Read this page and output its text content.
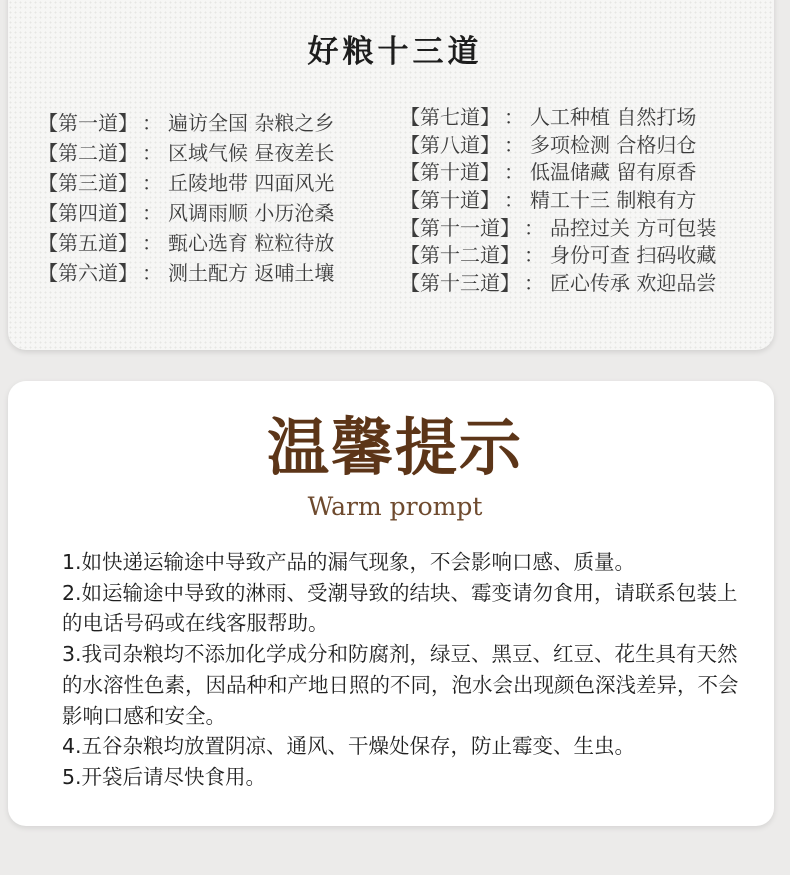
好粮十三道
【第一道】 ： 遍访全国 杂粮之乡
【第二道】 ： 区域气候 昼夜差长
【第三道】 ： 丘陵地带 四面风光
【第四道】 ： 风调雨顺 小历沧桑
【第五道】 ： 甄心选育 粒粒待放
【第六道】 ： 测土配方 返哺土壤
【第七道】 ： 人工种植 自然打场
【第八道】 ： 多项检测 合格归仓
【第十道】 ： 低温储藏 留有原香
【第十道】 ： 精工十三 制粮有方
【第十一道】 ： 品控过关 方可包装
【第十二道】 ： 身份可查 扫码收藏
【第十三道】 ： 匠心传承 欢迎品尝
温馨提示
Warm prompt

1.如快递运输途中导致产品的漏气现象，不会影响口感、质量。

2.如运输途中导致的淋雨、受潮导致的结块、霉变请勿食用，请联系包装上的电话号码或在线客服帮助。

3.我司杂粮均不添加化学成分和防腐剂，绿豆、黑豆、红豆、花生具有天然的水溶性色素，因品种和产地日照的不同，泡水会出现颜色深浅差异，不会影响口感和安全。

4.五谷杂粮均放置阴凉、通风、干燥处保存，防止霉变、生虫。

5.开袋后请尽快食用。
